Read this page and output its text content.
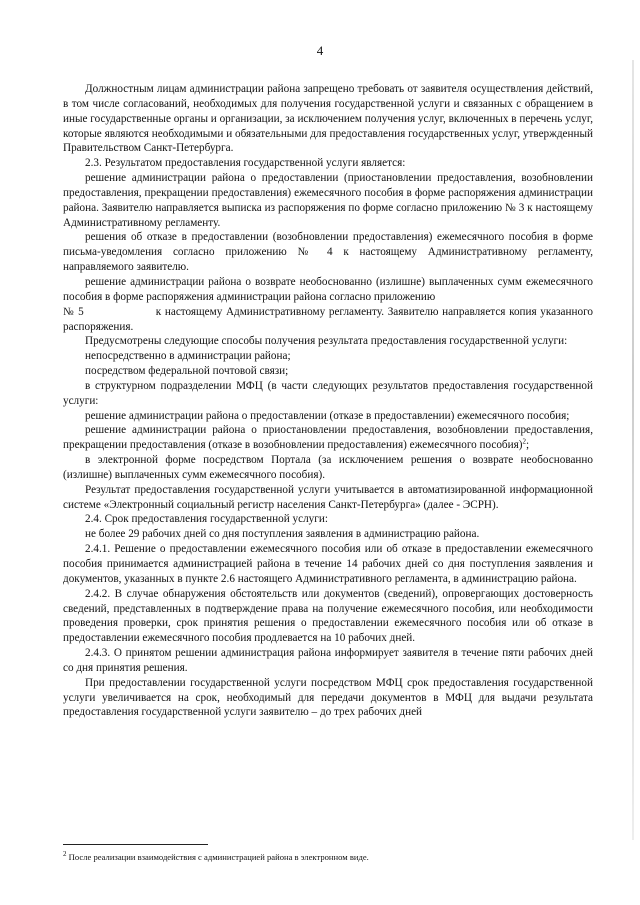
4

Должностным лицам администрации района запрещено требовать от заявителя осуществления действий, в том числе согласований, необходимых для получения государственной услуги и связанных с обращением в иные государственные органы и организации, за исключением получения услуг, включенных в перечень услуг, которые являются необходимыми и обязательными для предоставления государственных услуг, утвержденный Правительством Санкт-Петербурга.

2.3. Результатом предоставления государственной услуги является:

решение администрации района о предоставлении (приостановлении предоставления, возобновлении предоставления, прекращении предоставления) ежемесячного пособия в форме распоряжения администрации района. Заявителю направляется выписка из распоряжения по форме согласно приложению № 3 к настоящему Административному регламенту.

решения об отказе в предоставлении (возобновлении предоставления) ежемесячного пособия в форме письма-уведомления согласно приложению № 4 к настоящему Административному регламенту, направляемого заявителю.

решение администрации района о возврате необоснованно (излишне) выплаченных сумм ежемесячного пособия в форме распоряжения администрации района согласно приложению

№ 5	к настоящему Административному регламенту. Заявителю направляется копия указанного распоряжения.

Предусмотрены следующие способы получения результата предоставления государственной услуги:

непосредственно в администрации района;

посредством федеральной почтовой связи;

в структурном подразделении МФЦ (в части следующих результатов предоставления государственной услуги:

решение администрации района о предоставлении (отказе в предоставлении) ежемесячного пособия;

решение администрации района о приостановлении предоставления, возобновлении предоставления, прекращении предоставления (отказе в возобновлении предоставления) ежемесячного пособия)$^2$;

в электронной форме посредством Портала (за исключением решения о возврате необоснованно (излишне) выплаченных сумм ежемесячного пособия).

Результат предоставления государственной услуги учитывается в автоматизированной информационной системе «Электронный социальный регистр населения Санкт-Петербурга» (далее - ЭСРН).

2.4. Срок предоставления государственной услуги:

не более 29 рабочих дней со дня поступления заявления в администрацию района.

2.4.1. Решение о предоставлении ежемесячного пособия или об отказе в предоставлении ежемесячного пособия принимается администрацией района в течение 14 рабочих дней со дня поступления заявления и документов, указанных в пункте 2.6 настоящего Административного регламента, в администрацию района.

2.4.2. В случае обнаружения обстоятельств или документов (сведений), опровергающих достоверность сведений, представленных в подтверждение права на получение ежемесячного пособия, или необходимости проведения проверки, срок принятия решения о предоставлении ежемесячного пособия или об отказе в предоставлении ежемесячного пособия продлевается на 10 рабочих дней.

2.4.3. О принятом решении администрация района информирует заявителя в течение пяти рабочих дней со дня принятия решения.

При предоставлении государственной услуги посредством МФЦ срок предоставления государственной услуги увеличивается на срок, необходимый для передачи документов в МФЦ для выдачи результата предоставления государственной услуги заявителю – до трех рабочих дней

$^2$ После реализации взаимодействия с администрацией района в электронном виде.
